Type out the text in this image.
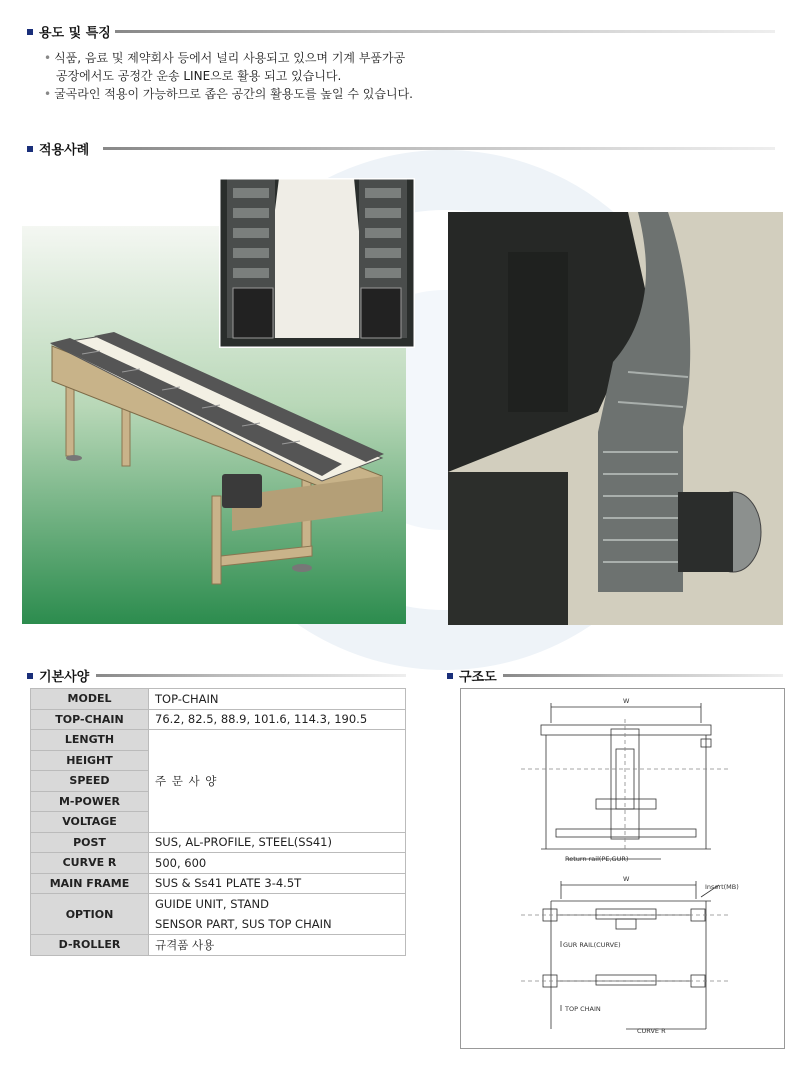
용도 및 특징
• 식품, 음료 및 제약회사 등에서 널리 사용되고 있으며 기계 부품가공
공장에서도 공정간 운송 LINE으로 활용 되고 있습니다.
• 굴곡라인 적용이 가능하므로 좁은 공간의 활용도를 높일 수 있습니다.
적용사례
기본사양
MODEL	TOP-CHAIN
TOP-CHAIN	76.2, 82.5, 88.9, 101.6, 114.3, 190.5
LENGTH	주 문 사 양
HEIGHT	
SPEED	
M-POWER	
VOLTAGE	
POST	SUS, AL-PROFILE, STEEL(SS41)
CURVE R	500, 600
MAIN FRAME	SUS & Ss41 PLATE 3-4.5T
OPTION	GUIDE UNIT, STAND
SENSOR PART, SUS TOP CHAIN

D-ROLLER	규격품 사용
구조도
W
Return rail(PE,GUR)
W
Insert(MB)
GUR RAIL(CURVE)
TOP CHAIN
CURVE R
